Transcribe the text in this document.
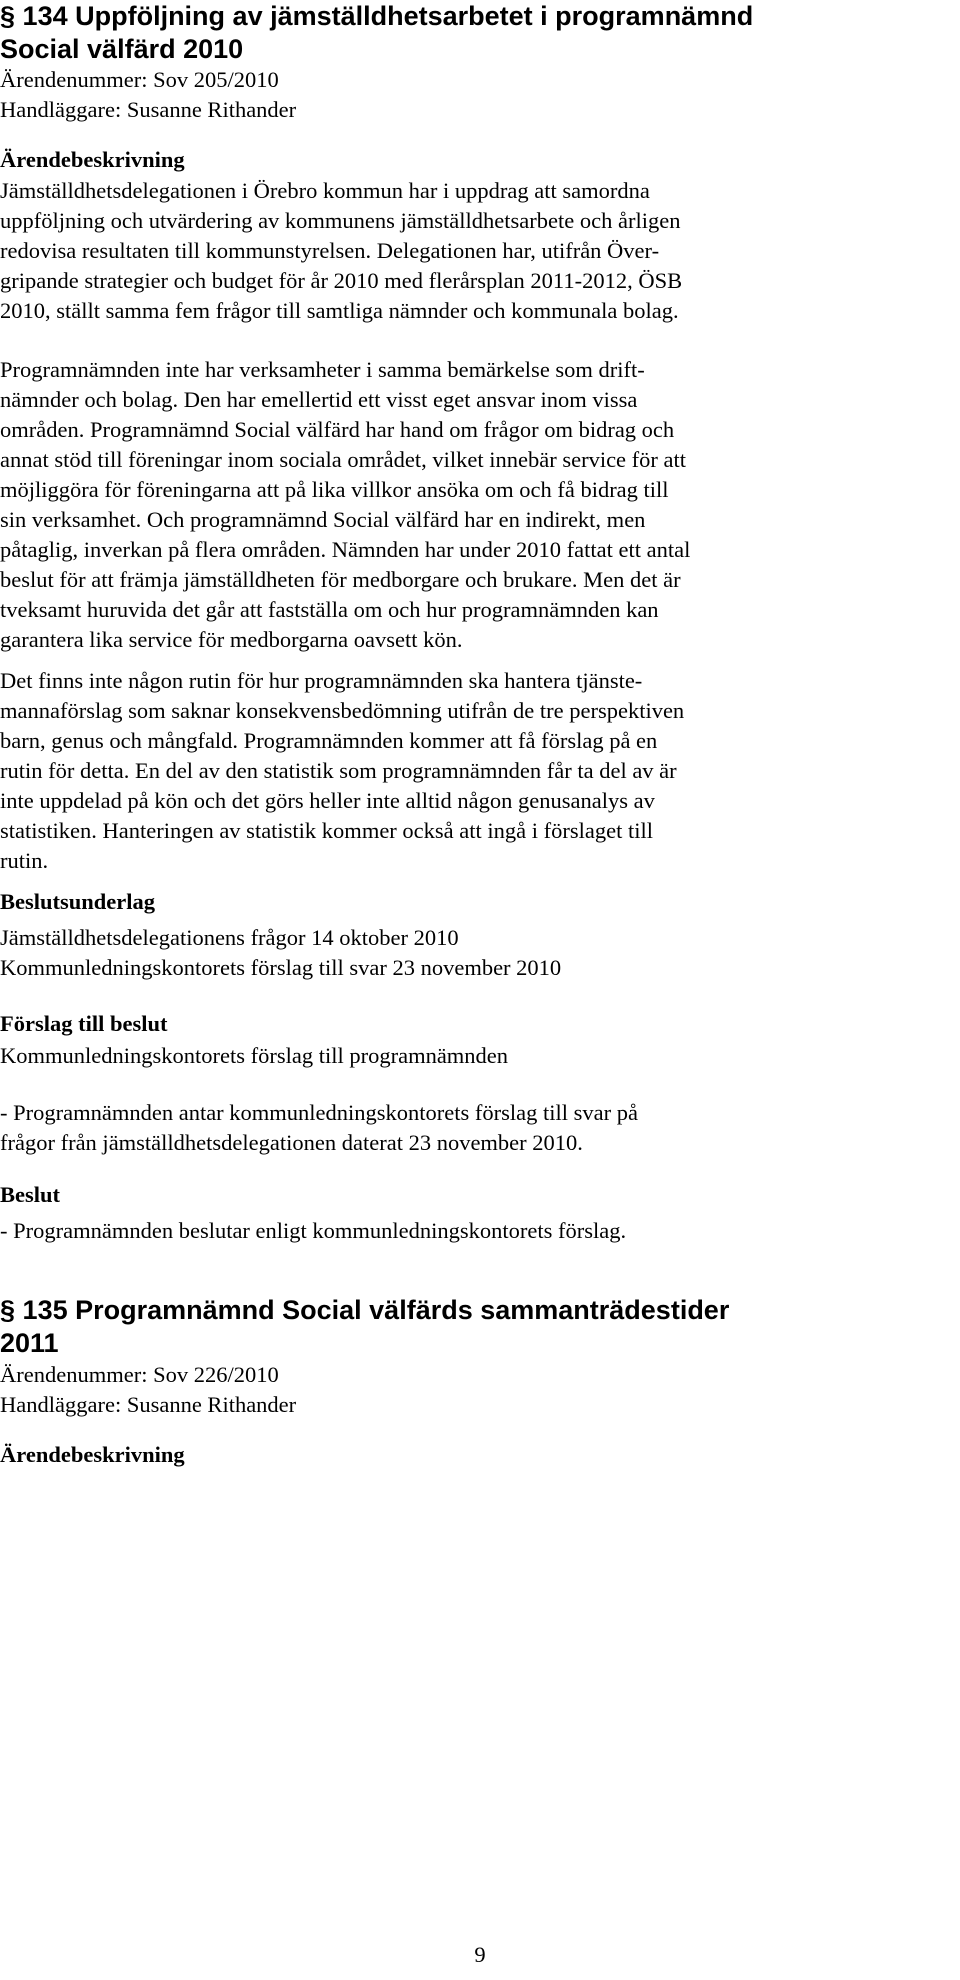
§ 134 Uppföljning av jämställdhetsarbetet i programnämnd
Social välfärd 2010
Ärendenummer: Sov 205/2010
Handläggare: Susanne Rithander
Ärendebeskrivning
Jämställdhetsdelegationen i Örebro kommun har i uppdrag att samordna
uppföljning och utvärdering av kommunens jämställdhetsarbete och årligen
redovisa resultaten till kommunstyrelsen. Delegationen har, utifrån Över-
gripande strategier och budget för år 2010 med flerårsplan 2011-2012, ÖSB
2010, ställt samma fem frågor till samtliga nämnder och kommunala bolag.
Programnämnden inte har verksamheter i samma bemärkelse som drift-
nämnder och bolag. Den har emellertid ett visst eget ansvar inom vissa
områden. Programnämnd Social välfärd har hand om frågor om bidrag och
annat stöd till föreningar inom sociala området, vilket innebär service för att
möjliggöra för föreningarna att på lika villkor ansöka om och få bidrag till
sin verksamhet. Och programnämnd Social välfärd har en indirekt, men
påtaglig, inverkan på flera områden. Nämnden har under 2010 fattat ett antal
beslut för att främja jämställdheten för medborgare och brukare. Men det är
tveksamt huruvida det går att fastställa om och hur programnämnden kan
garantera lika service för medborgarna oavsett kön.
Det finns inte någon rutin för hur programnämnden ska hantera tjänste-
mannaförslag som saknar konsekvensbedömning utifrån de tre perspektiven
barn, genus och mångfald. Programnämnden kommer att få förslag på en
rutin för detta. En del av den statistik som programnämnden får ta del av är
inte uppdelad på kön och det görs heller inte alltid någon genusanalys av
statistiken. Hanteringen av statistik kommer också att ingå i förslaget till
rutin.
Beslutsunderlag
Jämställdhetsdelegationens frågor 14 oktober 2010
Kommunledningskontorets förslag till svar 23 november 2010
Förslag till beslut
Kommunledningskontorets förslag till programnämnden
- Programnämnden antar kommunledningskontorets förslag till svar på
frågor från jämställdhetsdelegationen daterat 23 november 2010.
Beslut
- Programnämnden beslutar enligt kommunledningskontorets förslag.
§ 135 Programnämnd Social välfärds sammanträdestider
2011
Ärendenummer: Sov 226/2010
Handläggare: Susanne Rithander
Ärendebeskrivning
9
